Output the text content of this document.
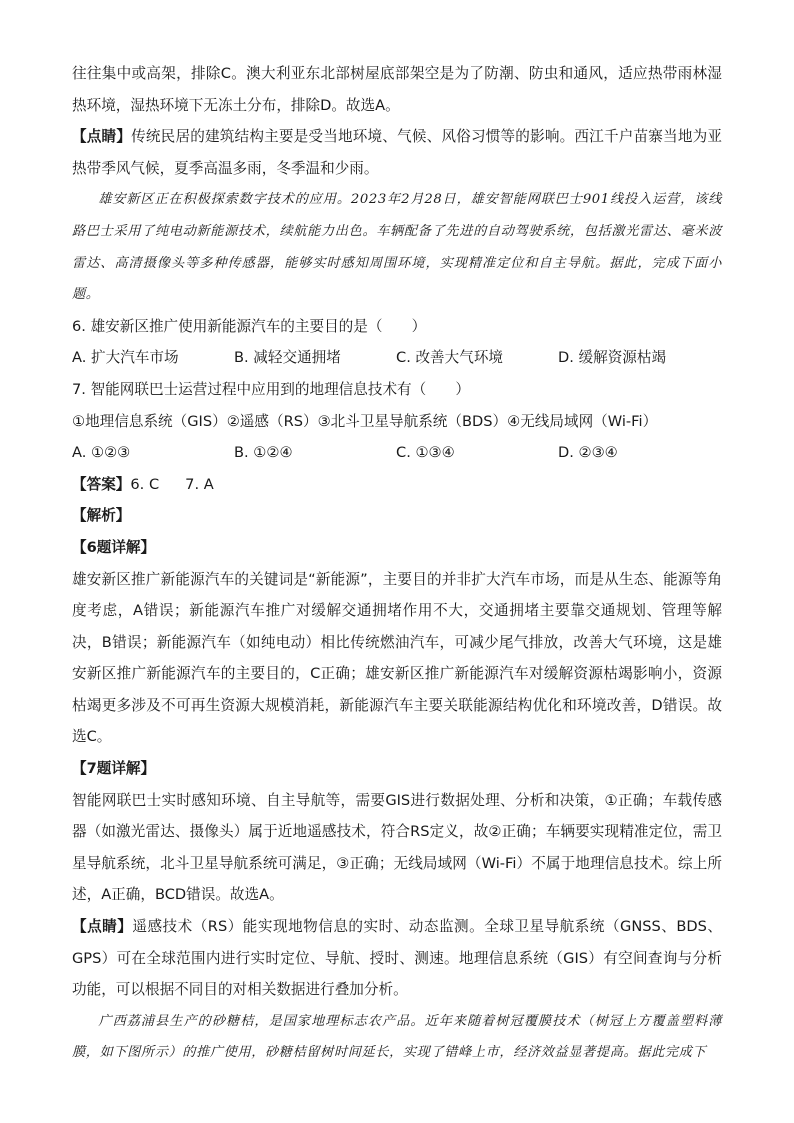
往往集中或高架，排除C。澳大利亚东北部树屋底部架空是为了防潮、防虫和通风，适应热带雨林湿热环境，湿热环境下无冻土分布，排除D。故选A。

【点睛】传统民居的建筑结构主要是受当地环境、气候、风俗习惯等的影响。西江千户苗寨当地为亚热带季风气候，夏季高温多雨，冬季温和少雨。

雄安新区正在积极探索数字技术的应用。2023年2月28日，雄安智能网联巴士901线投入运营，该线路巴士采用了纯电动新能源技术，续航能力出色。车辆配备了先进的自动驾驶系统，包括激光雷达、毫米波雷达、高清摄像头等多种传感器，能够实时感知周围环境，实现精准定位和自主导航。据此，完成下面小题。

6. 雄安新区推广使用新能源汽车的主要目的是（　　）

A. 扩大汽车市场	B. 减轻交通拥堵	C. 改善大气环境	D. 缓解资源枯竭

7. 智能网联巴士运营过程中应用到的地理信息技术有（　　）

①地理信息系统（GIS）②遥感（RS）③北斗卫星导航系统（BDS）④无线局域网（Wi-Fi）

A. ①②③	B. ①②④	C. ①③④	D. ②③④

【答案】6. C 7. A

【解析】

【6题详解】

雄安新区推广新能源汽车的关键词是“新能源”，主要目的并非扩大汽车市场，而是从生态、能源等角度考虑，A错误；新能源汽车推广对缓解交通拥堵作用不大，交通拥堵主要靠交通规划、管理等解决，B错误；新能源汽车（如纯电动）相比传统燃油汽车，可减少尾气排放，改善大气环境，这是雄安新区推广新能源汽车的主要目的，C正确；雄安新区推广新能源汽车对缓解资源枯竭影响小，资源枯竭更多涉及不可再生资源大规模消耗，新能源汽车主要关联能源结构优化和环境改善，D错误。故选C。

【7题详解】

智能网联巴士实时感知环境、自主导航等，需要GIS进行数据处理、分析和决策，①正确；车载传感器（如激光雷达、摄像头）属于近地遥感技术，符合RS定义，故②正确；车辆要实现精准定位，需卫星导航系统，北斗卫星导航系统可满足，③正确；无线局域网（Wi-Fi）不属于地理信息技术。综上所述，A正确，BCD错误。故选A。

【点睛】遥感技术（RS）能实现地物信息的实时、动态监测。全球卫星导航系统（GNSS、BDS、GPS）可在全球范围内进行实时定位、导航、授时、测速。地理信息系统（GIS）有空间查询与分析功能，可以根据不同目的对相关数据进行叠加分析。

广西荔浦县生产的砂糖桔，是国家地理标志农产品。近年来随着树冠覆膜技术（树冠上方覆盖塑料薄膜，如下图所示）的推广使用，砂糖桔留树时间延长，实现了错峰上市，经济效益显著提高。据此完成下
